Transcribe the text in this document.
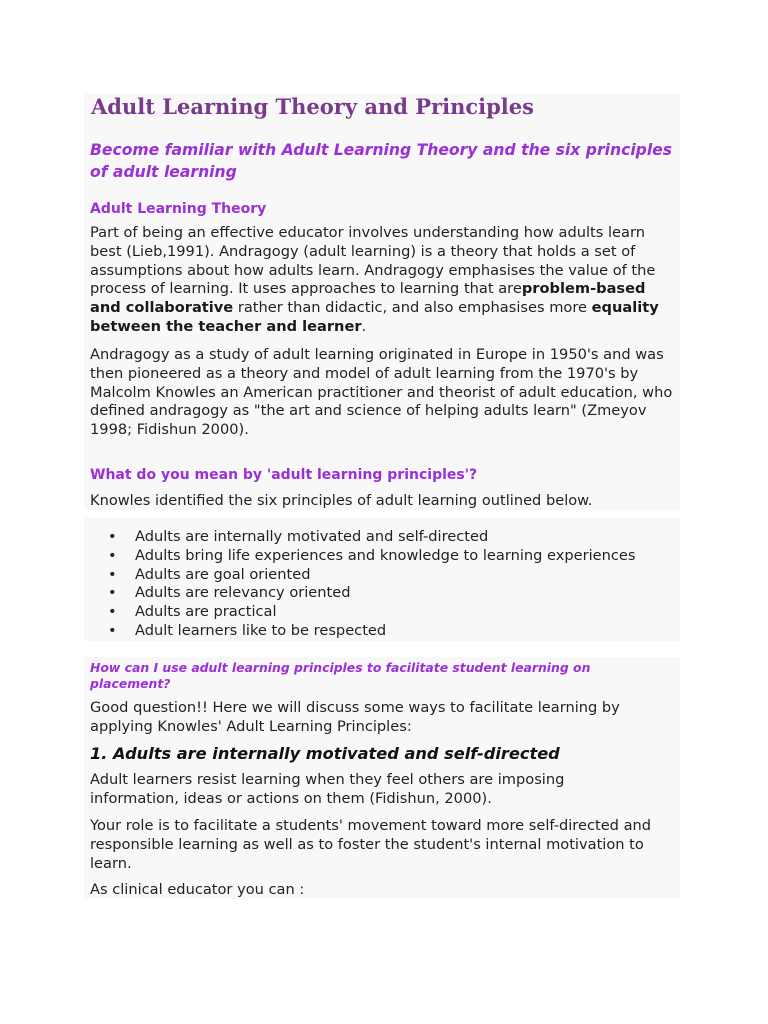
Adult Learning Theory and Principles
Become familiar with Adult Learning Theory and the six principles of adult learning
Adult Learning Theory

Part of being an effective educator involves understanding how adults learn best (Lieb,1991). Andragogy (adult learning) is a theory that holds a set of assumptions about how adults learn. Andragogy emphasises the value of the process of learning. It uses approaches to learning that areproblem-based and collaborative rather than didactic, and also emphasises more equality between the teacher and learner.

Andragogy as a study of adult learning originated in Europe in 1950's and was then pioneered as a theory and model of adult learning from the 1970's by Malcolm Knowles an American practitioner and theorist of adult education, who defined andragogy as "the art and science of helping adults learn" (Zmeyov 1998; Fidishun 2000).

What do you mean by 'adult learning principles'?

Knowles identified the six principles of adult learning outlined below.

• Adults are internally motivated and self-directed
• Adults bring life experiences and knowledge to learning experiences
• Adults are goal oriented
• Adults are relevancy oriented
• Adults are practical
• Adult learners like to be respected
How can I use adult learning principles to facilitate student learning on placement?

Good question!! Here we will discuss some ways to facilitate learning by applying Knowles' Adult Learning Principles:

1. Adults are internally motivated and self-directed

Adult learners resist learning when they feel others are imposing information, ideas or actions on them (Fidishun, 2000).

Your role is to facilitate a students' movement toward more self-directed and responsible learning as well as to foster the student's internal motivation to learn.

As clinical educator you can :
